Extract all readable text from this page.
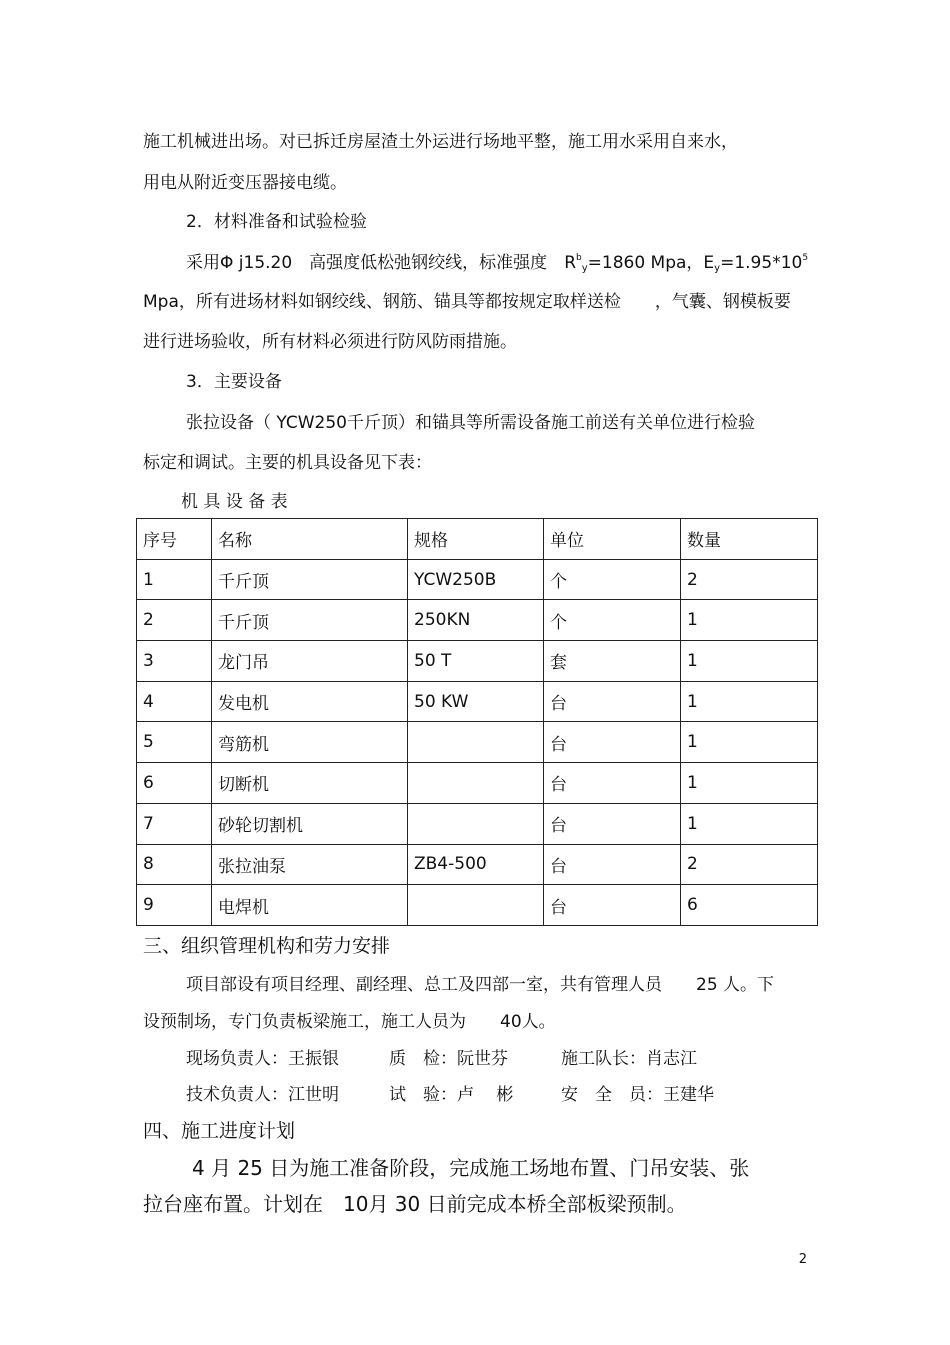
施工机械进出场。对已拆迁房屋渣土外运进行场地平整，施工用水采用自来水，
用电从附近变压器接电缆。
2．材料准备和试验检验
采用Φ j15.20　高强度低松弛钢绞线，标准强度　$R^b_y=1860$ Mpa，$E_y=1.95*10^5$
Mpa，所有进场材料如钢绞线、钢筋、锚具等都按规定取样送检　　，气囊、钢模板要
进行进场验收，所有材料必须进行防风防雨措施。
3．主要设备
张拉设备（ YCW250千斤顶）和锚具等所需设备施工前送有关单位进行检验
标定和调试。主要的机具设备见下表：
机 具 设 备 表
序号	名称	规格	单位	数量
1	千斤顶	YCW250B	个	2
2	千斤顶	250KN	个	1
3	龙门吊	50 T	套	1
4	发电机	50 KW	台	1
5	弯筋机		台	1
6	切断机		台	1
7	砂轮切割机		台	1
8	张拉油泵	ZB4-500	台	2
9	电焊机		台	6
三、组织管理机构和劳力安排
项目部设有项目经理、副经理、总工及四部一室，共有管理人员　　25 人。下
设预制场，专门负责板梁施工，施工人员为　　40人。
现场负责人：王振银	质　检：阮世芬	施工队长：肖志江
技术负责人：江世明	试　验：卢　 彬	安　全　员：王建华
四、施工进度计划
4 月 25 日为施工准备阶段，完成施工场地布置、门吊安装、张
拉台座布置。计划在　10月 30 日前完成本桥全部板梁预制。
2
